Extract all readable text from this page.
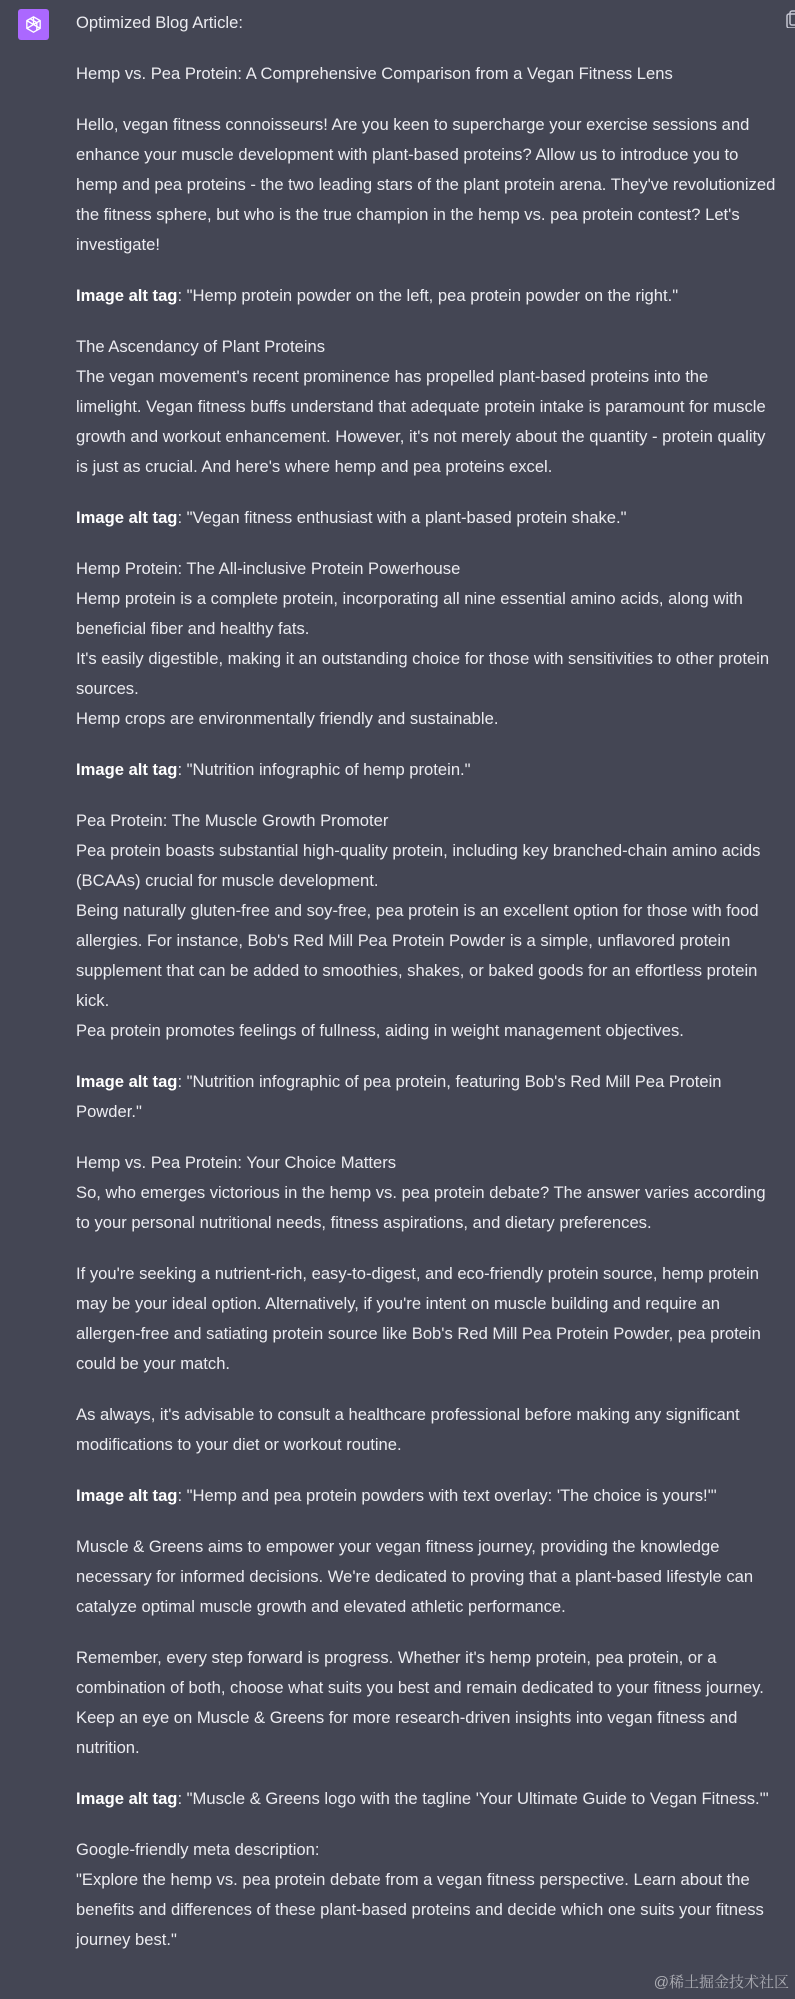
Optimized Blog Article:

Hemp vs. Pea Protein: A Comprehensive Comparison from a Vegan Fitness Lens

Hello, vegan fitness connoisseurs! Are you keen to supercharge your exercise sessions and enhance your muscle development with plant-based proteins? Allow us to introduce you to hemp and pea proteins - the two leading stars of the plant protein arena. They've revolutionized the fitness sphere, but who is the true champion in the hemp vs. pea protein contest? Let's investigate!

Image alt tag: "Hemp protein powder on the left, pea protein powder on the right."

The Ascendancy of Plant Proteins

The vegan movement's recent prominence has propelled plant-based proteins into the limelight. Vegan fitness buffs understand that adequate protein intake is paramount for muscle growth and workout enhancement. However, it's not merely about the quantity - protein quality is just as crucial. And here's where hemp and pea proteins excel.

Image alt tag: "Vegan fitness enthusiast with a plant-based protein shake."

Hemp Protein: The All-inclusive Protein Powerhouse

Hemp protein is a complete protein, incorporating all nine essential amino acids, along with beneficial fiber and healthy fats.

It's easily digestible, making it an outstanding choice for those with sensitivities to other protein sources.

Hemp crops are environmentally friendly and sustainable.

Image alt tag: "Nutrition infographic of hemp protein."

Pea Protein: The Muscle Growth Promoter

Pea protein boasts substantial high-quality protein, including key branched-chain amino acids (BCAAs) crucial for muscle development.

Being naturally gluten-free and soy-free, pea protein is an excellent option for those with food allergies. For instance, Bob's Red Mill Pea Protein Powder is a simple, unflavored protein supplement that can be added to smoothies, shakes, or baked goods for an effortless protein kick.

Pea protein promotes feelings of fullness, aiding in weight management objectives.

Image alt tag: "Nutrition infographic of pea protein, featuring Bob's Red Mill Pea Protein Powder."

Hemp vs. Pea Protein: Your Choice Matters

So, who emerges victorious in the hemp vs. pea protein debate? The answer varies according to your personal nutritional needs, fitness aspirations, and dietary preferences.

If you're seeking a nutrient-rich, easy-to-digest, and eco-friendly protein source, hemp protein may be your ideal option. Alternatively, if you're intent on muscle building and require an allergen-free and satiating protein source like Bob's Red Mill Pea Protein Powder, pea protein could be your match.

As always, it's advisable to consult a healthcare professional before making any significant modifications to your diet or workout routine.

Image alt tag: "Hemp and pea protein powders with text overlay: 'The choice is yours!'"

Muscle & Greens aims to empower your vegan fitness journey, providing the knowledge necessary for informed decisions. We're dedicated to proving that a plant-based lifestyle can catalyze optimal muscle growth and elevated athletic performance.

Remember, every step forward is progress. Whether it's hemp protein, pea protein, or a combination of both, choose what suits you best and remain dedicated to your fitness journey. Keep an eye on Muscle & Greens for more research-driven insights into vegan fitness and nutrition.

Image alt tag: "Muscle & Greens logo with the tagline 'Your Ultimate Guide to Vegan Fitness.'"

Google-friendly meta description:

"Explore the hemp vs. pea protein debate from a vegan fitness perspective. Learn about the benefits and differences of these plant-based proteins and decide which one suits your fitness journey best."

@稀土掘金技术社区
